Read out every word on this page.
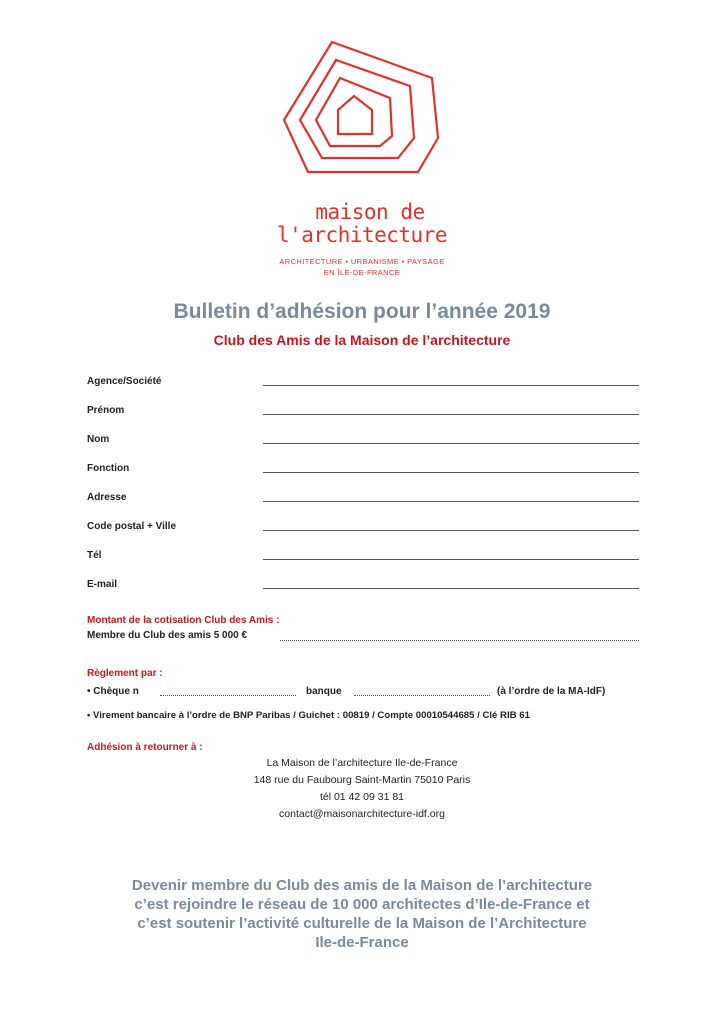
maison de
l'architecture
ARCHITECTURE • URBANISME • PAYSAGE
EN ÎLE-DE-FRANCE
Bulletin d’adhésion pour l’année 2019
Club des Amis de la Maison de l’architecture
Agence/Société
Prénom
Nom
Fonction
Adresse
Code postal + Ville
Tél
E-mail
Montant de la cotisation Club des Amis :
Membre du Club des amis 5 000 €
Règlement par :
• Chèque n	banque	(à l’ordre de la MA-IdF)
• Virement bancaire à l’ordre de BNP Paribas / Guichet : 00819 / Compte 00010544685 / Clé RIB 61
Adhésion à retourner à :
La Maison de l’architecture Ile-de-France
148 rue du Faubourg Saint-Martin 75010 Paris
tél 01 42 09 31 81
contact@maisonarchitecture-idf.org
Devenir membre du Club des amis de la Maison de l’architecture
c’est rejoindre le réseau de 10 000 architectes d’Ile-de-France et
c’est soutenir l’activité culturelle de la Maison de l’Architecture
Ile-de-France
